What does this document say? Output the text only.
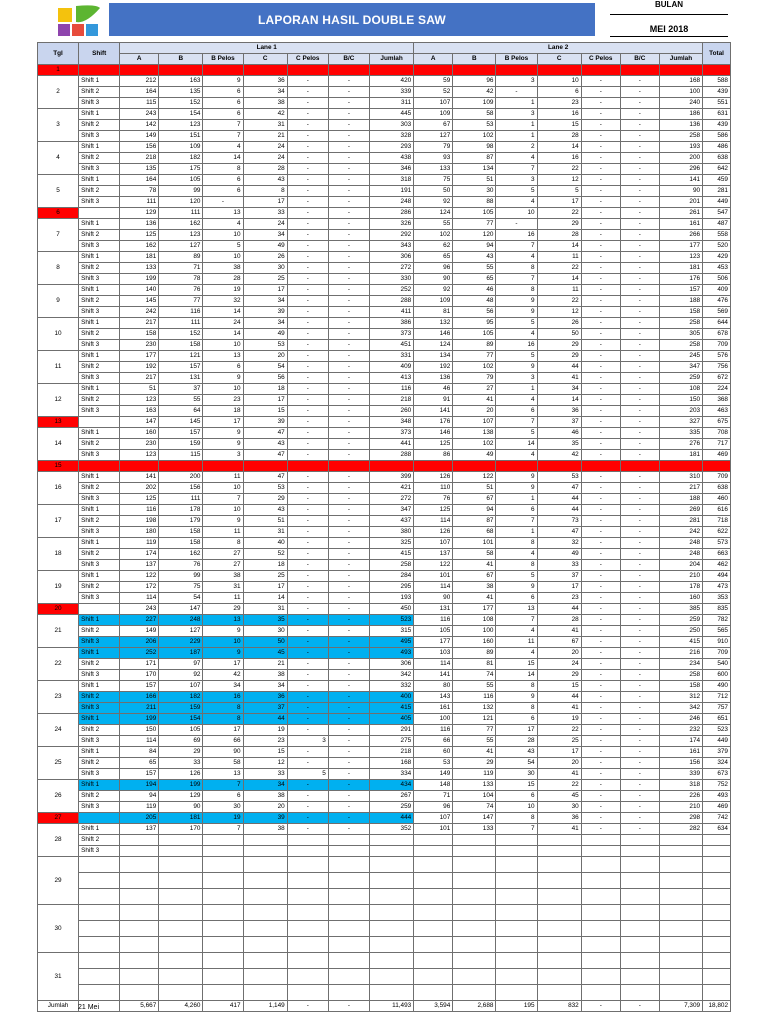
LAPORAN HASIL DOUBLE SAW
BULAN
MEI 2018
Tgl	Shift	Lane 1							Lane 2							Total
		A	B	B Pelos	C	C Pelos	B/C	Jumlah	A	B	B Pelos	C	C Pelos	B/C	Jumlah	
1																
2	Shift 1	212	163	9	36	-	-	420	59	96	3	10	-	-	168	588
	Shift 2	164	135	6	34	-	-	339	52	42	-	6	-	-	100	439
	Shift 3	115	152	6	38	-	-	311	107	109	1	23	-	-	240	551
3	Shift 1	243	154	6	42	-	-	445	109	58	3	16	-	-	186	631
	Shift 2	142	123	7	31	-	-	303	67	53	1	15	-	-	136	439
	Shift 3	149	151	7	21	-	-	328	127	102	1	28	-	-	258	586
4	Shift 1	156	109	4	24	-	-	293	79	98	2	14	-	-	193	486
	Shift 2	218	182	14	24	-	-	438	93	87	4	16	-	-	200	638
	Shift 3	135	175	8	28	-	-	346	133	134	7	22	-	-	296	642
5	Shift 1	164	105	6	43	-	-	318	75	51	3	12	-	-	141	459
	Shift 2	78	99	6	8	-	-	191	50	30	5	5	-	-	90	281
	Shift 3	111	120	-	17	-	-	248	92	88	4	17	-	-	201	449
6		129	111	13	33	-	-	286	124	105	10	22	-	-	261	547
7	Shift 1	136	162	4	24	-	-	326	55	77	-	29	-	-	161	487
	Shift 2	125	123	10	34	-	-	292	102	120	16	28	-	-	266	558
	Shift 3	162	127	5	49	-	-	343	62	94	7	14	-	-	177	520
8	Shift 1	181	89	10	26	-	-	306	65	43	4	11	-	-	123	429
	Shift 2	133	71	38	30	-	-	272	96	55	8	22	-	-	181	453
	Shift 3	199	78	28	25	-	-	330	90	65	7	14	-	-	176	506
9	Shift 1	140	76	19	17	-	-	252	92	46	8	11	-	-	157	409
	Shift 2	145	77	32	34	-	-	288	109	48	9	22	-	-	188	476
	Shift 3	242	116	14	39	-	-	411	81	56	9	12	-	-	158	569
10	Shift 1	217	111	24	34	-	-	386	132	95	5	26	-	-	258	644
	Shift 2	158	152	14	49	-	-	373	146	105	4	50	-	-	305	678
	Shift 3	230	158	10	53	-	-	451	124	89	16	29	-	-	258	709
11	Shift 1	177	121	13	20	-	-	331	134	77	5	29	-	-	245	576
	Shift 2	192	157	6	54	-	-	409	192	102	9	44	-	-	347	756
	Shift 3	217	131	9	56	-	-	413	136	79	3	41	-	-	259	672
12	Shift 1	51	37	10	18	-	-	116	46	27	1	34	-	-	108	224
	Shift 2	123	55	23	17	-	-	218	91	41	4	14	-	-	150	368
	Shift 3	163	64	18	15	-	-	260	141	20	6	36	-	-	203	463
13		147	145	17	39	-	-	348	176	107	7	37	-	-	327	675
14	Shift 1	160	157	9	47	-	-	373	146	138	5	46	-	-	335	708
	Shift 2	230	159	9	43	-	-	441	125	102	14	35	-	-	276	717
	Shift 3	123	115	3	47	-	-	288	86	49	4	42	-	-	181	469
15																
16	Shift 1	141	200	11	47	-	-	399	126	122	9	53	-	-	310	709
	Shift 2	202	156	10	53	-	-	421	110	51	9	47	-	-	217	638
	Shift 3	125	111	7	29	-	-	272	76	67	1	44	-	-	188	460
17	Shift 1	116	178	10	43	-	-	347	125	94	6	44	-	-	269	616
	Shift 2	198	179	9	51	-	-	437	114	87	7	73	-	-	281	718
	Shift 3	180	158	11	31	-	-	380	126	68	1	47	-	-	242	622
18	Shift 1	119	158	8	40	-	-	325	107	101	8	32	-	-	248	573
	Shift 2	174	162	27	52	-	-	415	137	58	4	49	-	-	248	663
	Shift 3	137	76	27	18	-	-	258	122	41	8	33	-	-	204	462
19	Shift 1	122	99	38	25	-	-	284	101	67	5	37	-	-	210	494
	Shift 2	172	75	31	17	-	-	295	114	38	9	17	-	-	178	473
	Shift 3	114	54	11	14	-	-	193	90	41	6	23	-	-	160	353
20		243	147	29	31	-	-	450	131	177	13	44	-	-	385	835
21	Shift 1	227	248	13	35	-	-	523	116	108	7	28	-	-	259	782
	Shift 2	149	127	9	30	-	-	315	105	100	4	41	-	-	250	565
	Shift 3	206	229	10	50	-	-	495	177	160	11	67	-	-	415	910
22	Shift 1	252	187	9	45	-	-	493	103	89	4	20	-	-	216	709
	Shift 2	171	97	17	21	-	-	306	114	81	15	24	-	-	234	540
	Shift 3	170	92	42	38	-	-	342	141	74	14	29	-	-	258	600
23	Shift 1	157	107	34	34	-	-	332	80	55	8	15	-	-	158	490
	Shift 2	166	182	16	36	-	-	400	143	116	9	44	-	-	312	712
	Shift 3	211	159	8	37	-	-	415	161	132	8	41	-	-	342	757
24	Shift 1	199	154	8	44	-	-	405	100	121	6	19	-	-	246	651
	Shift 2	150	105	17	19	-	-	291	116	77	17	22	-	-	232	523
	Shift 3	114	69	66	23	3	-	275	66	55	28	25	-	-	174	449
25	Shift 1	84	29	90	15	-	-	218	60	41	43	17	-	-	161	379
	Shift 2	65	33	58	12	-	-	168	53	29	54	20	-	-	156	324
	Shift 3	157	126	13	33	5	-	334	149	119	30	41	-	-	339	673
26	Shift 1	194	199	7	34	-	-	434	148	133	15	22	-	-	318	752
	Shift 2	94	129	6	38	-	-	267	71	104	6	45	-	-	226	493
	Shift 3	119	90	30	20	-	-	259	96	74	10	30	-	-	210	469
27		205	181	19	39	-	-	444	107	147	8	36	-	-	298	742
28	Shift 1	137	170	7	38	-	-	352	101	133	7	41	-	-	282	634
	Shift 2															
	Shift 3															
29																

30																

31																

Jumlah		5,667	4,260	417	1,149	-	-	11,493	3,594	2,688	195	832	-	-	7,309	18,802
21 Mei
